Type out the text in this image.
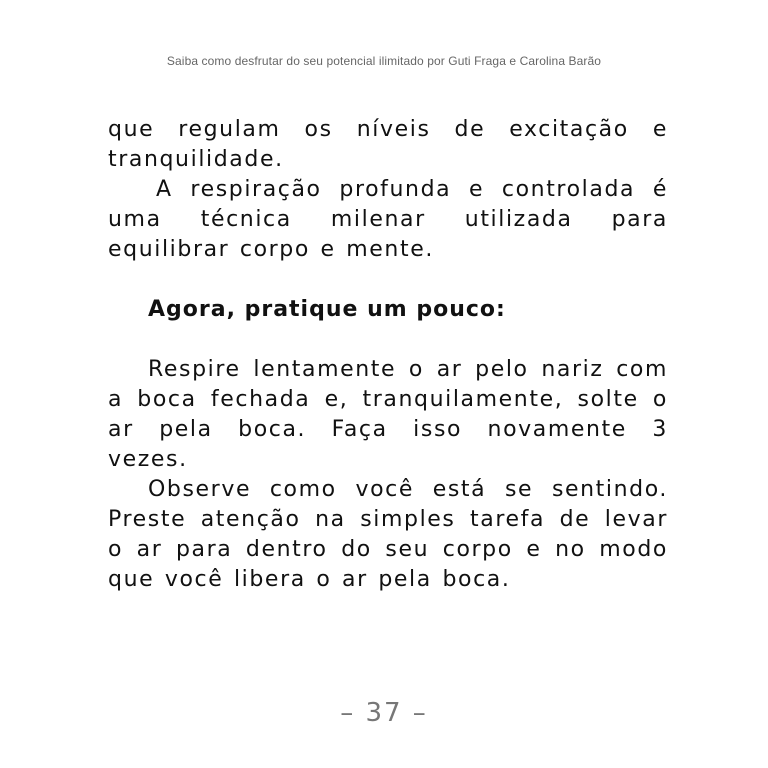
Saiba como desfrutar do seu potencial ilimitado por Guti Fraga e Carolina Barão

que regulam os níveis de excitação e tranquilidade.

A respiração profunda e controlada é uma técnica milenar utilizada para equilibrar corpo e mente.

Agora, pratique um pouco:

Respire lentamente o ar pelo nariz com a boca fechada e, tranquilamente, solte o ar pela boca. Faça isso novamente 3 vezes.

Observe como você está se sentindo. Preste atenção na simples tarefa de levar o ar para dentro do seu corpo e no modo que você libera o ar pela boca.

– 37 –
